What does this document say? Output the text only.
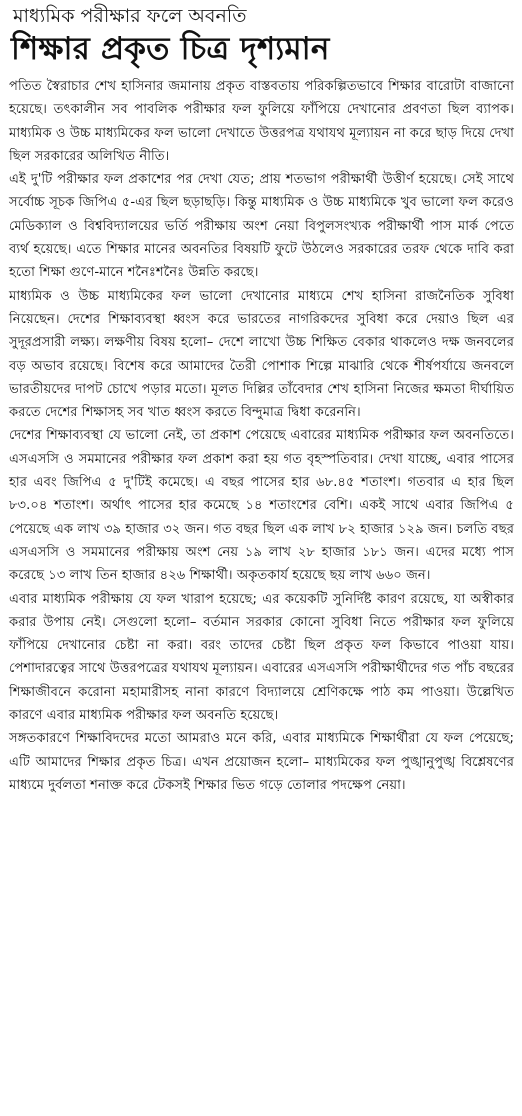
মাধ্যমিক পরীক্ষার ফলে অবনতি
শিক্ষার প্রকৃত চিত্র দৃশ্যমান

পতিত স্বৈরাচার শেখ হাসিনার জমানায় প্রকৃত বাস্তবতায় পরিকল্পিতভাবে শিক্ষার বারোটা বাজানো হয়েছে। তৎকালীন সব পাবলিক পরীক্ষার ফল ফুলিয়ে ফাঁপিয়ে দেখানোর প্রবণতা ছিল ব্যাপক। মাধ্যমিক ও উচ্চ মাধ্যমিকের ফল ভালো দেখাতে উত্তরপত্র যথাযথ মূল্যায়ন না করে ছাড় দিয়ে দেখা ছিল সরকারের অলিখিত নীতি।

এই দু'টি পরীক্ষার ফল প্রকাশের পর দেখা যেত; প্রায় শতভাগ পরীক্ষার্থী উত্তীর্ণ হয়েছে। সেই সাথে সর্বোচ্চ সূচক জিপিএ ৫-এর ছিল ছড়াছড়ি। কিন্তু মাধ্যমিক ও উচ্চ মাধ্যমিকে খুব ভালো ফল করেও মেডিক্যাল ও বিশ্ববিদ্যালয়ের ভর্তি পরীক্ষায় অংশ নেয়া বিপুলসংখ্যক পরীক্ষার্থী পাস মার্ক পেতে ব্যর্থ হয়েছে। এতে শিক্ষার মানের অবনতির বিষয়টি ফুটে উঠলেও সরকারের তরফ থেকে দাবি করা হতো শিক্ষা গুণে-মানে শনৈঃশনৈঃ উন্নতি করছে।

মাধ্যমিক ও উচ্চ মাধ্যমিকের ফল ভালো দেখানোর মাধ্যমে শেখ হাসিনা রাজনৈতিক সুবিধা নিয়েছেন। দেশের শিক্ষাব্যবস্থা ধ্বংস করে ভারতের নাগরিকদের সুবিধা করে দেয়াও ছিল এর সুদূরপ্রসারী লক্ষ্য। লক্ষণীয় বিষয় হলো– দেশে লাখো উচ্চ শিক্ষিত বেকার থাকলেও দক্ষ জনবলের বড় অভাব রয়েছে। বিশেষ করে আমাদের তৈরী পোশাক শিল্পে মাঝারি থেকে শীর্ষপর্যায়ে জনবলে ভারতীয়দের দাপট চোখে পড়ার মতো। মূলত দিল্লির তাঁবেদার শেখ হাসিনা নিজের ক্ষমতা দীর্ঘায়িত করতে দেশের শিক্ষাসহ সব খাত ধ্বংস করতে বিন্দুমাত্র দ্বিধা করেননি।

দেশের শিক্ষাব্যবস্থা যে ভালো নেই, তা প্রকাশ পেয়েছে এবারের মাধ্যমিক পরীক্ষার ফল অবনতিতে। এসএসসি ও সমমানের পরীক্ষার ফল প্রকাশ করা হয় গত বৃহস্পতিবার। দেখা যাচ্ছে, এবার পাসের হার এবং জিপিএ ৫ দু'টিই কমেছে। এ বছর পাসের হার ৬৮.৪৫ শতাংশ। গতবার এ হার ছিল ৮৩.০৪ শতাংশ। অর্থাৎ পাসের হার কমেছে ১৪ শতাংশের বেশি। একই সাথে এবার জিপিএ ৫ পেয়েছে এক লাখ ৩৯ হাজার ৩২ জন। গত বছর ছিল এক লাখ ৮২ হাজার ১২৯ জন। চলতি বছর এসএসসি ও সমমানের পরীক্ষায় অংশ নেয় ১৯ লাখ ২৮ হাজার ১৮১ জন। এদের মধ্যে পাস করেছে ১৩ লাখ তিন হাজার ৪২৬ শিক্ষার্থী। অকৃতকার্য হয়েছে ছয় লাখ ৬৬০ জন।

এবার মাধ্যমিক পরীক্ষায় যে ফল খারাপ হয়েছে; এর কয়েকটি সুনির্দিষ্ট কারণ রয়েছে, যা অস্বীকার করার উপায় নেই। সেগুলো হলো– বর্তমান সরকার কোনো সুবিধা নিতে পরীক্ষার ফল ফুলিয়ে ফাঁপিয়ে দেখানোর চেষ্টা না করা। বরং তাদের চেষ্টা ছিল প্রকৃত ফল কিভাবে পাওয়া যায়। পেশাদারত্বের সাথে উত্তরপত্রের যথাযথ মূল্যায়ন। এবারের এসএসসি পরীক্ষার্থীদের গত পাঁচ বছরের শিক্ষাজীবনে করোনা মহামারীসহ নানা কারণে বিদ্যালয়ে শ্রেণিকক্ষে পাঠ কম পাওয়া। উল্লেখিত কারণে এবার মাধ্যমিক পরীক্ষার ফল অবনতি হয়েছে।

সঙ্গতকারণে শিক্ষাবিদদের মতো আমরাও মনে করি, এবার মাধ্যমিকে শিক্ষার্থীরা যে ফল পেয়েছে; এটি আমাদের শিক্ষার প্রকৃত চিত্র। এখন প্রয়োজন হলো– মাধ্যমিকের ফল পুঙ্খানুপুঙ্খ বিশ্লেষণের মাধ্যমে দুর্বলতা শনাক্ত করে টেকসই শিক্ষার ভিত গড়ে তোলার পদক্ষেপ নেয়া।
